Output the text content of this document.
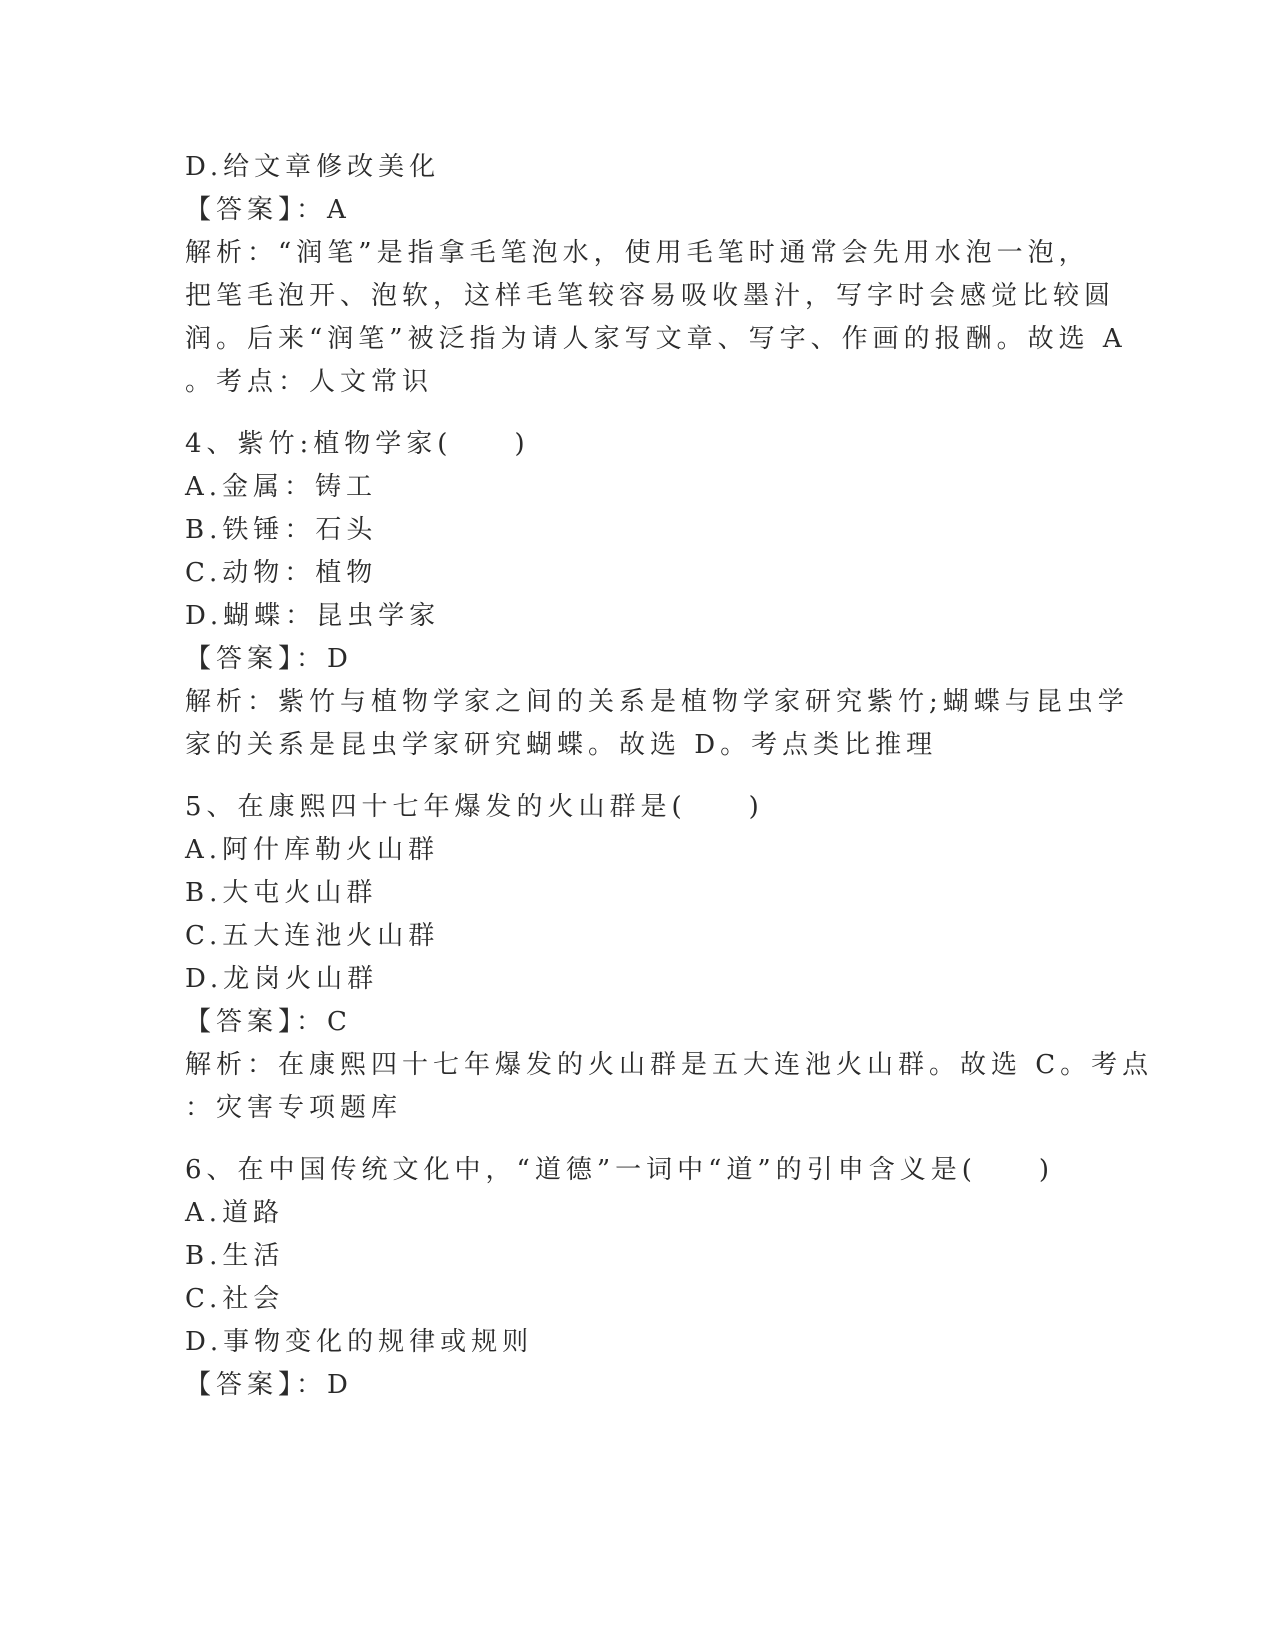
D.给文章修改美化
【答案】：A
解析：“润笔”是指拿毛笔泡水，使用毛笔时通常会先用水泡一泡，
把笔毛泡开、泡软，这样毛笔较容易吸收墨汁，写字时会感觉比较圆
润。后来“润笔”被泛指为请人家写文章、写字、作画的报酬。故选 A
。考点：人文常识
4、紫竹:植物学家(　　)
A.金属：铸工
B.铁锤：石头
C.动物：植物
D.蝴蝶：昆虫学家
【答案】：D
解析：紫竹与植物学家之间的关系是植物学家研究紫竹;蝴蝶与昆虫学
家的关系是昆虫学家研究蝴蝶。故选 D。考点类比推理
5、在康熙四十七年爆发的火山群是(　　)
A.阿什库勒火山群
B.大屯火山群
C.五大连池火山群
D.龙岗火山群
【答案】：C
解析：在康熙四十七年爆发的火山群是五大连池火山群。故选 C。考点
：灾害专项题库
6、在中国传统文化中，“道德”一词中“道”的引申含义是(　　)
A.道路
B.生活
C.社会
D.事物变化的规律或规则
【答案】：D
